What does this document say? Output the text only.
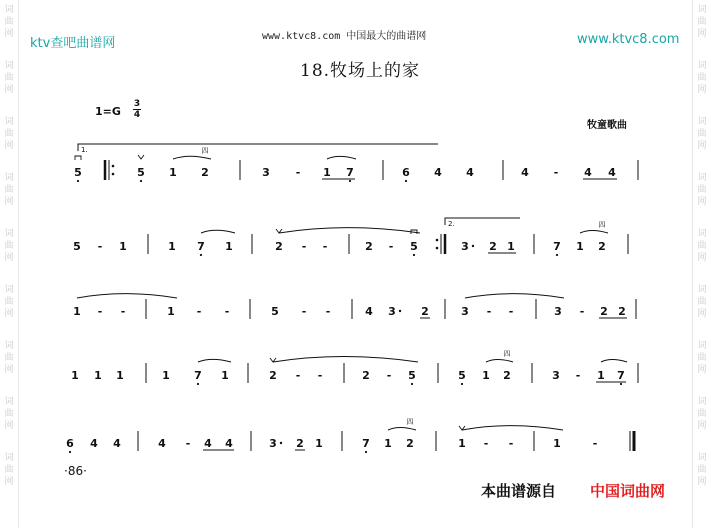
词
曲
网
词
曲
网
词
曲
网
词
曲
网
词
曲
网
词
曲
网
词
曲
网
词
曲
网
词
曲
网
词
曲
网
词
曲
网
词
曲
网
词
曲
网
词
曲
网
词
曲
网
词
曲
网
词
曲
网
词
曲
网
ktv查吧曲谱网	www.ktvc8.com 中国最大的曲谱网	www.ktvc8.com
18.牧场上的家
1=G
3
4
牧童歌曲
1.
5	5 1 2
四
3 - 1 7	6 4 4	4 - 4 4
2.
5 - 1	1 7 1	2 - -	2 - 5	3 2 1	7 1 2
四
1 - -	1 - -	5 - -	4 3 2	3 - -	3 - 2 2
1 1 1	1 7 1	2 - -	2 - 5	5 1 2
四
3 - 1 7
6 4 4	4 - 4 4	3 2 1	7 1 2
四
1 - -	1	-
·86·
本曲谱源自 中国词曲网
